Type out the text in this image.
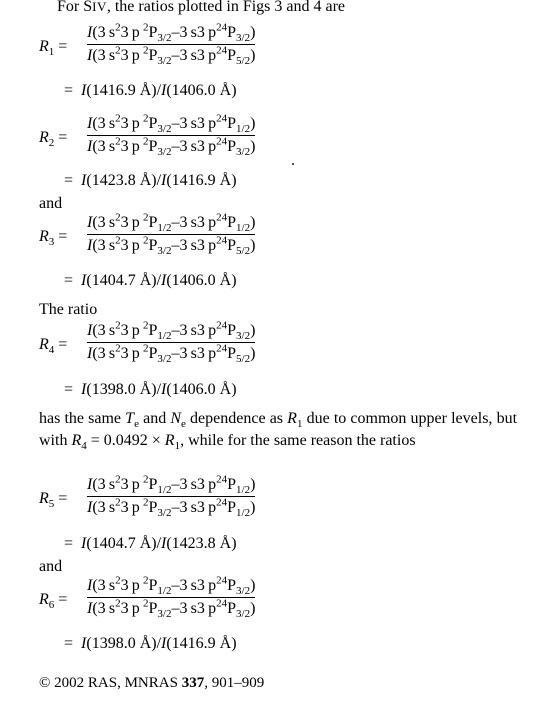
For SIV, the ratios plotted in Figs 3 and 4 are
$R_1$ =
I(3 $s^23$ p $^2P_{3/2}-3$ s3 $p^{24}P_{3/2}$)
I(3 $s^23$ p $^2P_{3/2}-3$ s3 $p^{24}P_{5/2}$)
=  I(1416.9 Å)/I(1406.0 Å)
$R_2$ =
I(3 $s^23$ p $^2P_{3/2}-3$ s3 $p^{24}P_{1/2}$)
I(3 $s^23$ p $^2P_{3/2}-3$ s3 $p^{24}P_{3/2}$)
.
=  I(1423.8 Å)/I(1416.9 Å)
and
$R_3$ =
I(3 $s^23$ p $^2P_{1/2}-3$ s3 $p^{24}P_{1/2}$)
I(3 $s^23$ p $^2P_{3/2}-3$ s3 $p^{24}P_{5/2}$)
=  I(1404.7 Å)/I(1406.0 Å)
The ratio
$R_4$ =
I(3 $s^23$ p $^2P_{1/2}-3$ s3 $p^{24}P_{3/2}$)
I(3 $s^23$ p $^2P_{3/2}-3$ s3 $p^{24}P_{5/2}$)
=  I(1398.0 Å)/I(1406.0 Å)
has the same $T_e$ and $N_e$ dependence as $R_1$ due to common upper levels, but with $R_4 = 0.0492 \times R_1$, while for the same reason the ratios
$R_5$ =
I(3 $s^23$ p $^2P_{1/2}-3$ s3 $p^{24}P_{1/2}$)
I(3 $s^23$ p $^2P_{3/2}-3$ s3 $p^{24}P_{1/2}$)
=  I(1404.7 Å)/I(1423.8 Å)
and
$R_6$ =
I(3 $s^23$ p $^2P_{1/2}-3$ s3 $p^{24}P_{3/2}$)
I(3 $s^23$ p $^2P_{3/2}-3$ s3 $p^{24}P_{3/2}$)
=  I(1398.0 Å)/I(1416.9 Å)
© 2002 RAS, MNRAS 337, 901–909
